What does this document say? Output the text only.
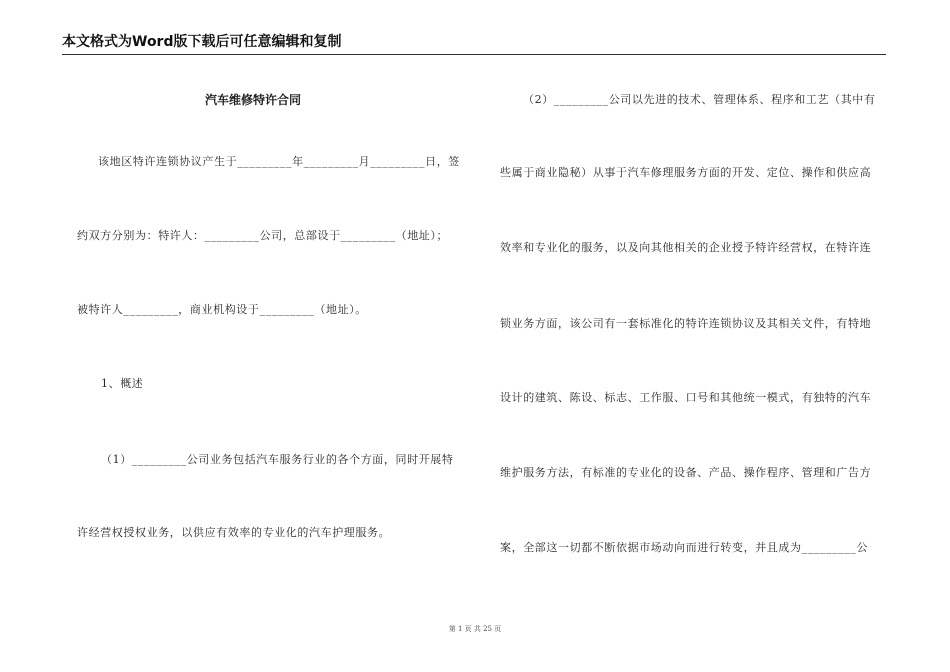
本文格式为Word版下载后可任意编辑和复制
汽车维修特许合同
该地区特许连锁协议产生于_________年_________月_________日，签
约双方分别为：特许人：_________公司，总部设于_________（地址）；
被特许人_________，商业机构设于_________（地址）。
1、概述
（1）_________公司业务包括汽车服务行业的各个方面，同时开展特
许经营权授权业务，以供应有效率的专业化的汽车护理服务。
（2）_________公司以先进的技术、管理体系、程序和工艺（其中有
些属于商业隐秘）从事于汽车修理服务方面的开发、定位、操作和供应高
效率和专业化的服务，以及向其他相关的企业授予特许经营权，在特许连
锁业务方面，该公司有一套标准化的特许连锁协议及其相关文件，有特地
设计的建筑、陈设、标志、工作服、口号和其他统一模式，有独特的汽车
维护服务方法，有标准的专业化的设备、产品、操作程序、管理和广告方
案，全部这一切都不断依据市场动向而进行转变，并且成为_________公
第 1 页 共 25 页
